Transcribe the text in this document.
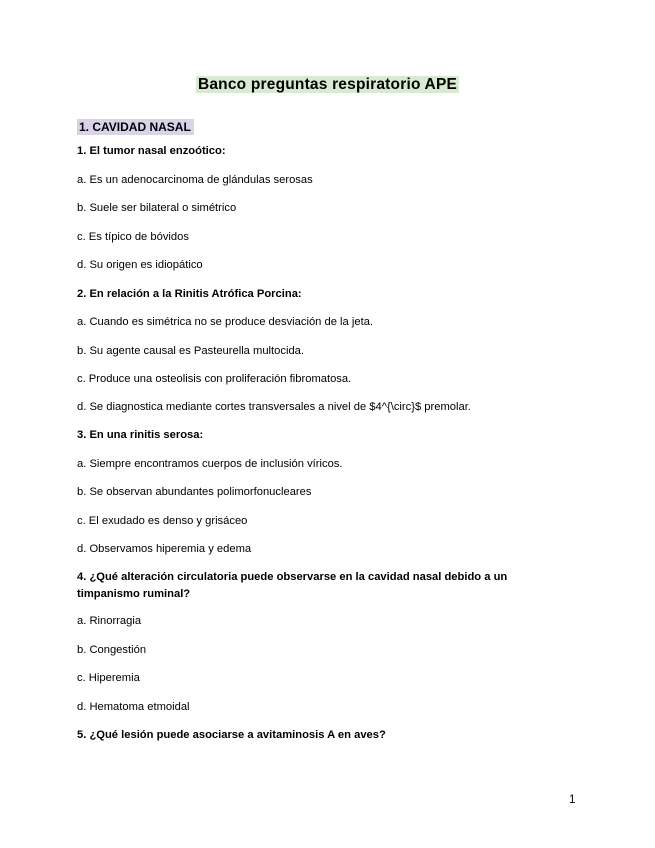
Banco preguntas respiratorio APE
1. CAVIDAD NASAL
1. El tumor nasal enzoótico:
a. Es un adenocarcinoma de glándulas serosas
b. Suele ser bilateral o simétrico
c. Es típico de bóvidos
d. Su origen es idiopático
2. En relación a la Rinitis Atrófica Porcina:
a. Cuando es simétrica no se produce desviación de la jeta.
b. Su agente causal es Pasteurella multocida.
c. Produce una osteolisis con proliferación fibromatosa.
d. Se diagnostica mediante cortes transversales a nivel de $4^{\circ}$ premolar.
3. En una rinitis serosa:
a. Siempre encontramos cuerpos de inclusión víricos.
b. Se observan abundantes polimorfonucleares
c. El exudado es denso y grisáceo
d. Observamos hiperemia y edema
4. ¿Qué alteración circulatoria puede observarse en la cavidad nasal debido a un timpanismo ruminal?
a. Rinorragia
b. Congestión
c. Hiperemia
d. Hematoma etmoidal
5. ¿Qué lesión puede asociarse a avitaminosis A en aves?
1
